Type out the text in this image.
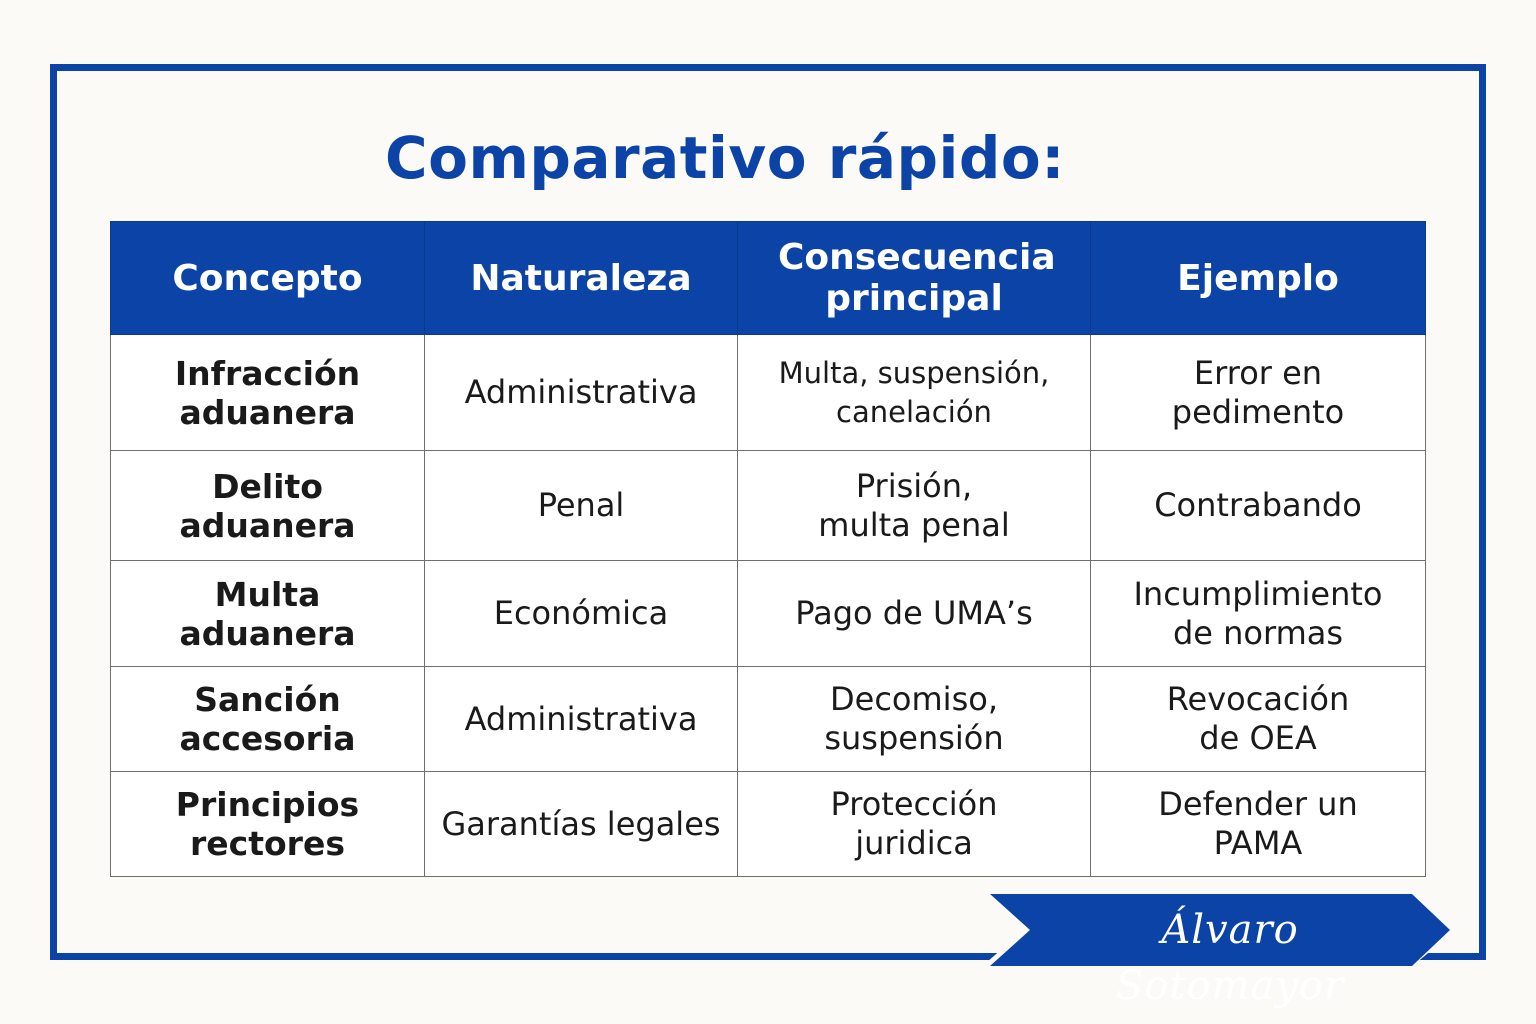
Comparativo rápido:
Concepto	Naturaleza	Consecuencia principal	Ejemplo
Infracción aduanera	Administrativa	Multa, suspensión, canelación	Error en pedimento
Delito aduanera	Penal	Prisión, multa penal	Contrabando
Multa aduanera	Económica	Pago de UMA’s	Incumplimiento de normas
Sanción accesoria	Administrativa	Decomiso, suspensión	Revocación de OEA
Principios rectores	Garantías legales	Protección juridica	Defender un PAMA
Álvaro Sotomayor
